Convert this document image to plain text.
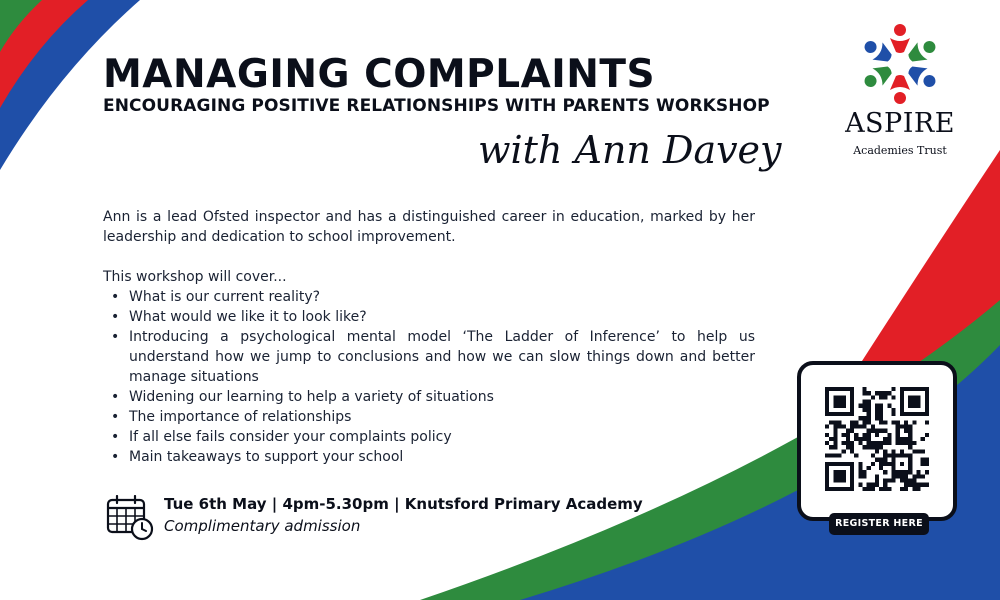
MANAGING COMPLAINTS
ENCOURAGING POSITIVE RELATIONSHIPS WITH PARENTS WORKSHOP
with Ann Davey
ASPIRE
Academies Trust

Ann is a lead Ofsted inspector and has a distinguished career in education, marked by her leadership and dedication to school improvement.

This workshop will cover...

• What is our current reality?
• What would we like it to look like?
• Introducing a psychological mental model ‘The Ladder of Inference’ to help us understand how we jump to conclusions and how we can slow things down and better manage situations
• Widening our learning to help a variety of situations
• The importance of relationships
• If all else fails consider your complaints policy
• Main takeaways to support your school
Tue 6th May | 4pm-5.30pm | Knutsford Primary Academy
Complimentary admission	REGISTER HERE
